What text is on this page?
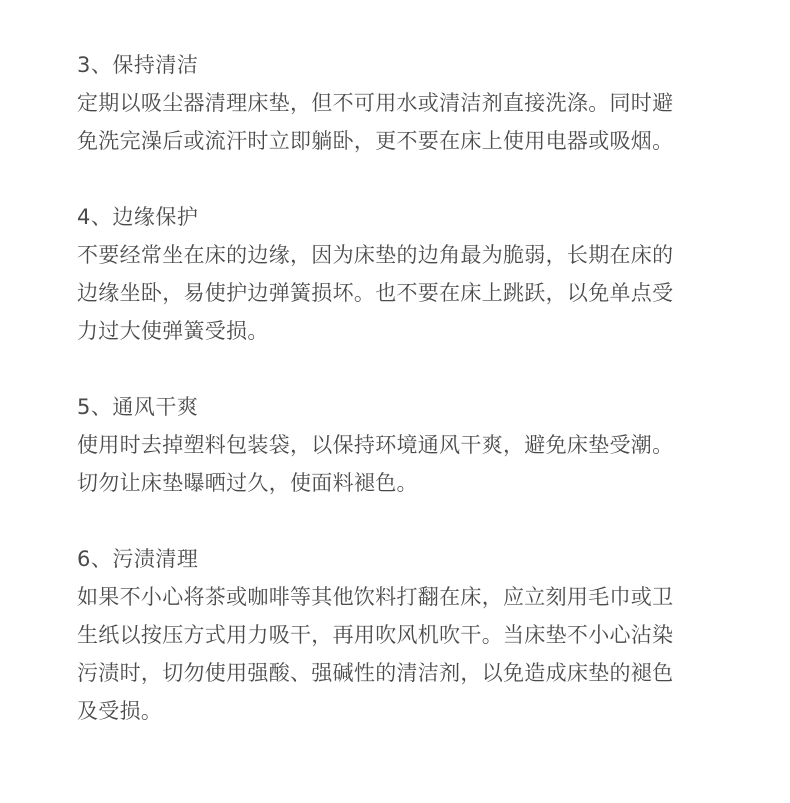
3、保持清洁

定期以吸尘器清理床垫，但不可用水或清洁剂直接洗涤。同时避

免洗完澡后或流汗时立即躺卧，更不要在床上使用电器或吸烟。

4、边缘保护

不要经常坐在床的边缘，因为床垫的边角最为脆弱，长期在床的

边缘坐卧，易使护边弹簧损坏。也不要在床上跳跃，以免单点受

力过大使弹簧受损。

5、通风干爽

使用时去掉塑料包装袋，以保持环境通风干爽，避免床垫受潮。

切勿让床垫曝晒过久，使面料褪色。

6、污渍清理

如果不小心将茶或咖啡等其他饮料打翻在床，应立刻用毛巾或卫

生纸以按压方式用力吸干，再用吹风机吹干。当床垫不小心沾染

污渍时，切勿使用强酸、强碱性的清洁剂，以免造成床垫的褪色

及受损。
